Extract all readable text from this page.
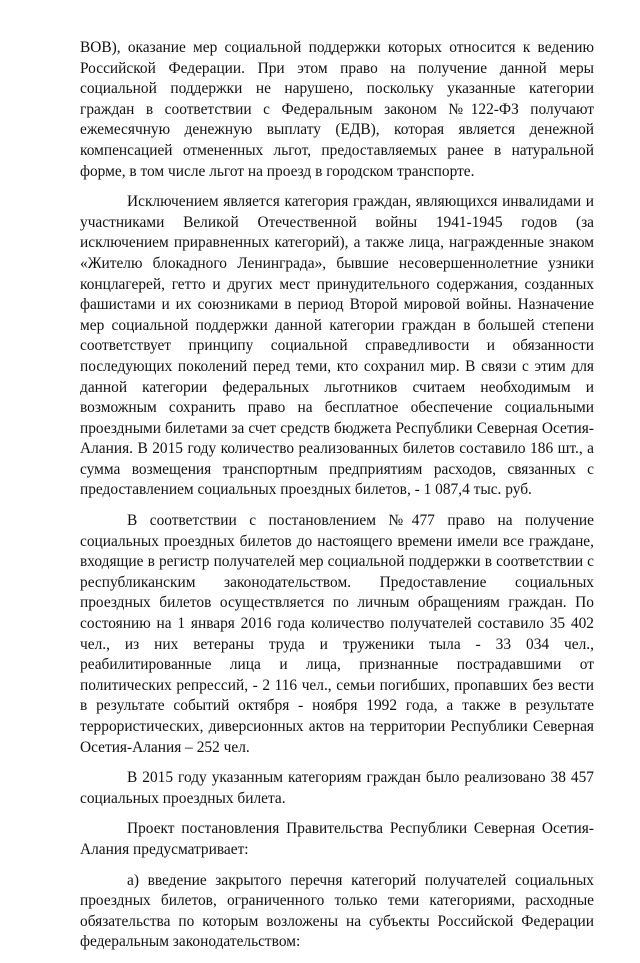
ВОВ), оказание мер социальной поддержки которых относится к ведению Российской Федерации. При этом право на получение данной меры социальной поддержки не нарушено, поскольку указанные категории граждан в соответствии с Федеральным законом №122-ФЗ получают ежемесячную денежную выплату (ЕДВ), которая является денежной компенсацией отмененных льгот, предоставляемых ранее в натуральной форме, в том числе льгот на проезд в городском транспорте.

Исключением является категория граждан, являющихся инвалидами и участниками Великой Отечественной войны 1941-1945 годов (за исключением приравненных категорий), а также лица, награжденные знаком «Жителю блокадного Ленинграда», бывшие несовершеннолетние узники концлагерей, гетто и других мест принудительного содержания, созданных фашистами и их союзниками в период Второй мировой войны. Назначение мер социальной поддержки данной категории граждан в большей степени соответствует принципу социальной справедливости и обязанности последующих поколений перед теми, кто сохранил мир. В связи с этим для данной категории федеральных льготников считаем необходимым и возможным сохранить право на бесплатное обеспечение социальными проездными билетами за счет средств бюджета Республики Северная Осетия-Алания. В 2015 году количество реализованных билетов составило 186 шт., а сумма возмещения транспортным предприятиям расходов, связанных с предоставлением социальных проездных билетов, - 1 087,4 тыс. руб.

В соответствии с постановлением №477 право на получение социальных проездных билетов до настоящего времени имели все граждане, входящие в регистр получателей мер социальной поддержки в соответствии с республиканским законодательством. Предоставление социальных проездных билетов осуществляется по личным обращениям граждан. По состоянию на 1 января 2016 года количество получателей составило 35 402 чел., из них ветераны труда и труженики тыла - 33 034 чел., реабилитированные лица и лица, признанные пострадавшими от политических репрессий, - 2 116 чел., семьи погибших, пропавших без вести в результате событий октября - ноября 1992 года, а также в результате террористических, диверсионных актов на территории Республики Северная Осетия-Алания – 252 чел.

В 2015 году указанным категориям граждан было реализовано 38 457 социальных проездных билета.

Проект постановления Правительства Республики Северная Осетия-Алания предусматривает:

а) введение закрытого перечня категорий получателей социальных проездных билетов, ограниченного только теми категориями, расходные обязательства по которым возложены на субъекты Российской Федерации федеральным законодательством:
